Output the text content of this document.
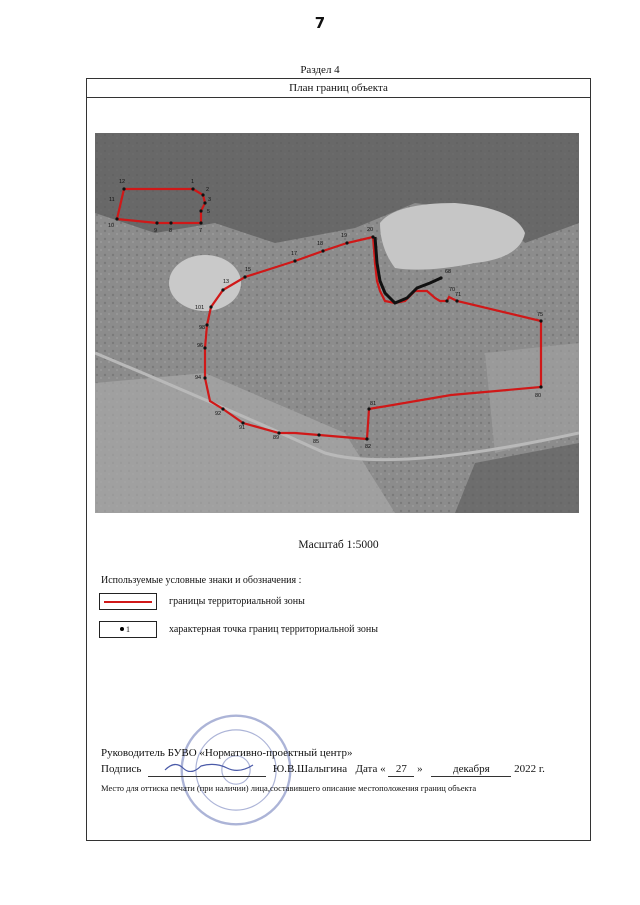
7
Раздел 4
План границ объекта
12	1
2
3
5
7
8
9
10
11
19
18
17
15
13
101
98
96
94
92
91
89
85
82
81
80
75
71
70
68
20
Масштаб 1:5000
Используемые условные знаки и обозначения :
границы территориальной зоны
1	характерная точка границ территориальной зоны
Руководитель БУВО «Нормативно-проектный центр»
Подпись	Ю.В.Шалыгина Дата « 27 »	декабря 2022 г.
Место для оттиска печати (при наличии) лица,составившего описание местоположения границ объекта
